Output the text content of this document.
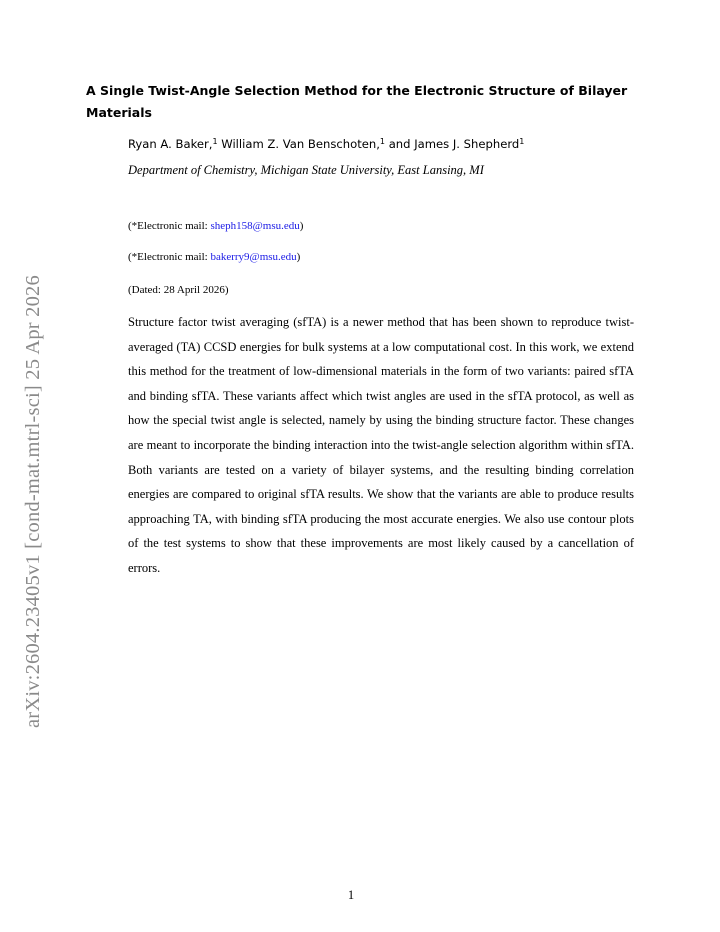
arXiv:2604.23405v1 [cond-mat.mtrl-sci] 25 Apr 2026
A Single Twist-Angle Selection Method for the Electronic Structure of Bilayer Materials
Ryan A. Baker,$^1$ William Z. Van Benschoten,$^1$ and James J. Shepherd$^1$
Department of Chemistry, Michigan State University, East Lansing, MI
(*Electronic mail: sheph158@msu.edu)
(*Electronic mail: bakerry9@msu.edu)
(Dated: 28 April 2026)

Structure factor twist averaging (sfTA) is a newer method that has been shown to reproduce twist-averaged (TA) CCSD energies for bulk systems at a low computational cost. In this work, we extend this method for the treatment of low-dimensional materials in the form of two variants: paired sfTA and binding sfTA. These variants affect which twist angles are used in the sfTA protocol, as well as how the special twist angle is selected, namely by using the binding structure factor. These changes are meant to incorporate the binding interaction into the twist-angle selection algorithm within sfTA. Both variants are tested on a variety of bilayer systems, and the resulting binding correlation energies are compared to original sfTA results. We show that the variants are able to produce results approaching TA, with binding sfTA producing the most accurate energies. We also use contour plots of the test systems to show that these improvements are most likely caused by a cancellation of errors.

1
